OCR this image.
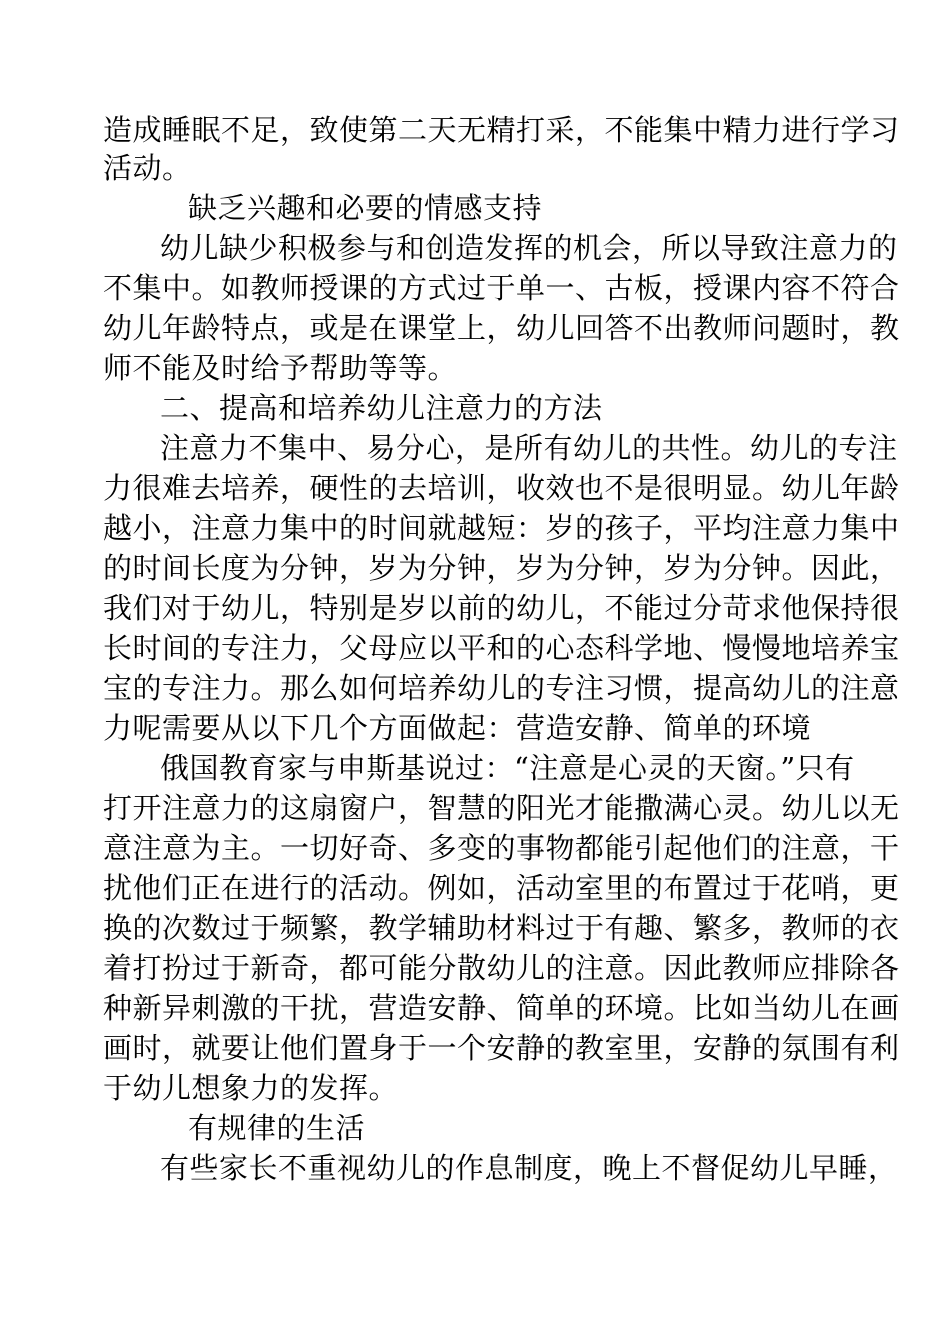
造成睡眠不足，致使第二天无精打采，不能集中精力进行学习
活动。
缺乏兴趣和必要的情感支持
幼儿缺少积极参与和创造发挥的机会，所以导致注意力的
不集中。如教师授课的方式过于单一、古板，授课内容不符合
幼儿年龄特点，或是在课堂上，幼儿回答不出教师问题时，教
师不能及时给予帮助等等。
二、提高和培养幼儿注意力的方法
注意力不集中、易分心，是所有幼儿的共性。幼儿的专注
力很难去培养，硬性的去培训，收效也不是很明显。幼儿年龄
越小，注意力集中的时间就越短：岁的孩子，平均注意力集中
的时间长度为分钟，岁为分钟，岁为分钟，岁为分钟。因此，
我们对于幼儿，特别是岁以前的幼儿，不能过分苛求他保持很
长时间的专注力，父母应以平和的心态科学地、慢慢地培养宝
宝的专注力。那么如何培养幼儿的专注习惯，提高幼儿的注意
力呢需要从以下几个方面做起：营造安静、简单的环境
俄国教育家与申斯基说过：“注意是心灵的天窗。”只有
打开注意力的这扇窗户，智慧的阳光才能撒满心灵。幼儿以无
意注意为主。一切好奇、多变的事物都能引起他们的注意，干
扰他们正在进行的活动。例如，活动室里的布置过于花哨，更
换的次数过于频繁，教学辅助材料过于有趣、繁多，教师的衣
着打扮过于新奇，都可能分散幼儿的注意。因此教师应排除各
种新异刺激的干扰，营造安静、简单的环境。比如当幼儿在画
画时，就要让他们置身于一个安静的教室里，安静的氛围有利
于幼儿想象力的发挥。
有规律的生活
有些家长不重视幼儿的作息制度，晚上不督促幼儿早睡，
